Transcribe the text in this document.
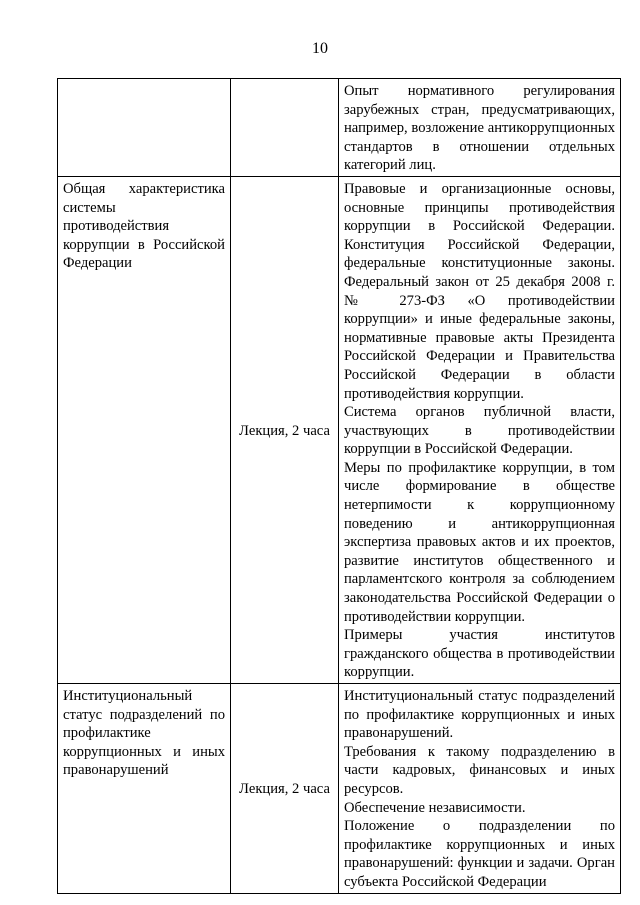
10

		Опыт нормативного регулирования зарубежных стран, предусматривающих, например, возложение антикоррупционных стандартов в отношении отдельных категорий лиц.

Общая характеристика системы противодействия коррупции в Российской Федерации	Лекция, 2 часа	Правовые и организационные основы, основные принципы противодействия коррупции в Российской Федерации. Конституция Российской Федерации, федеральные конституционные законы. Федеральный закон от 25 декабря 2008 г. № 273-ФЗ «О противодействии коррупции» и иные федеральные законы, нормативные правовые акты Президента Российской Федерации и Правительства Российской Федерации в области противодействия коррупции.
Система органов публичной власти, участвующих в противодействии коррупции в Российской Федерации.
Меры по профилактике коррупции, в том числе формирование в обществе нетерпимости к коррупционному поведению и антикоррупционная экспертиза правовых актов и их проектов, развитие институтов общественного и парламентского контроля за соблюдением законодательства Российской Федерации о противодействии коррупции.
Примеры участия институтов гражданского общества в противодействии коррупции.

Институциональный статус подразделений по профилактике коррупционных и иных правонарушений	Лекция, 2 часа	Институциональный статус подразделений по профилактике коррупционных и иных правонарушений.
Требования к такому подразделению в части кадровых, финансовых и иных ресурсов.
Обеспечение независимости.
Положение о подразделении по профилактике коррупционных и иных правонарушений: функции и задачи. Орган субъекта Российской Федерации
